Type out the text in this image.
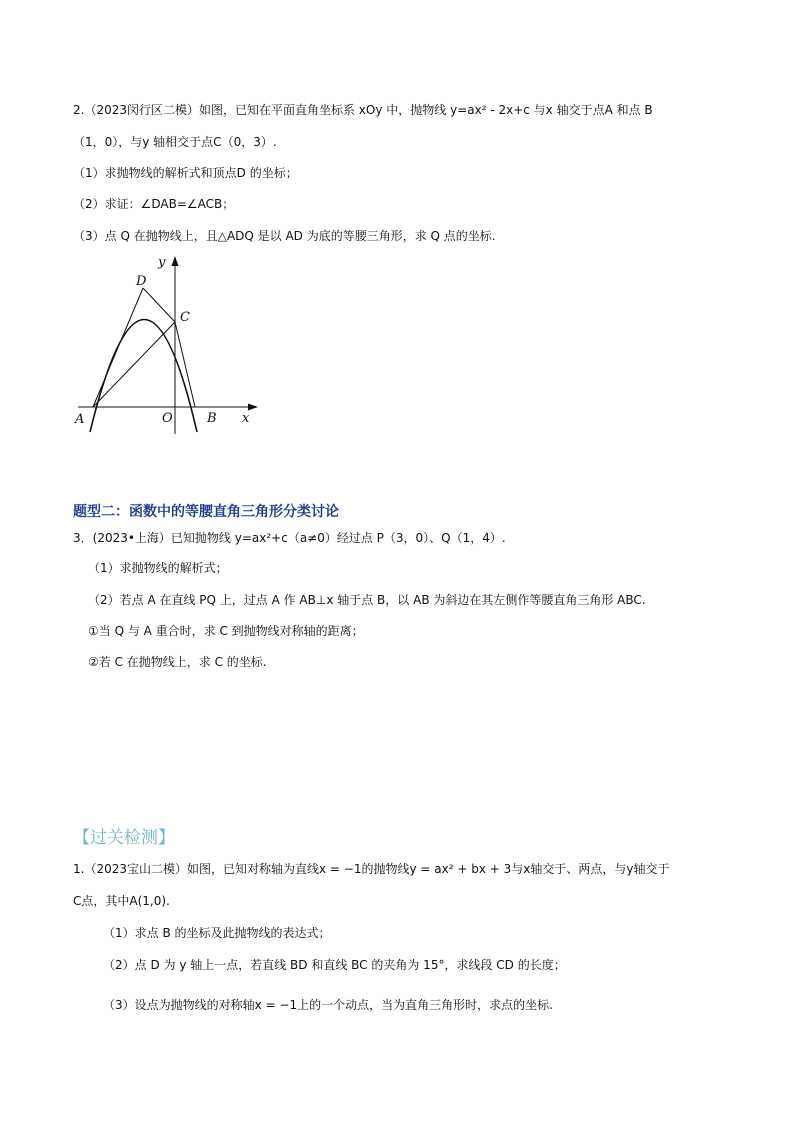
2.（2023闵行区二模）如图，已知在平面直角坐标系 xOy 中，抛物线 y=ax² - 2x+c 与x 轴交于点A 和点 B
（1，0），与y 轴相交于点C（0，3）.
（1）求抛物线的解析式和顶点D 的坐标；
（2）求证：∠DAB=∠ACB；
（3）点 Q 在抛物线上，且△ADQ 是以 AD 为底的等腰三角形，求 Q 点的坐标.
y
x
D
C
A	O	B
题型二：函数中的等腰直角三角形分类讨论
3．(2023•上海）已知抛物线 y=ax²+c（a≠0）经过点 P（3，0）、Q（1，4）.
（1）求抛物线的解析式；
（2）若点 A 在直线 PQ 上，过点 A 作 AB⊥x 轴于点 B，以 AB 为斜边在其左侧作等腰直角三角形 ABC.
①当 Q 与 A 重合时，求 C 到抛物线对称轴的距离；
②若 C 在抛物线上，求 C 的坐标.
【过关检测】
1.（2023宝山二模）如图，已知对称轴为直线x = −1的抛物线y = ax² + bx + 3与x轴交于、两点，与y轴交于
C点，其中A(1,0).
（1）求点 B 的坐标及此抛物线的表达式；
（2）点 D 为 y 轴上一点，若直线 BD 和直线 BC 的夹角为 15°，求线段 CD 的长度；
（3）设点为抛物线的对称轴x = −1上的一个动点，当为直角三角形时，求点的坐标.
